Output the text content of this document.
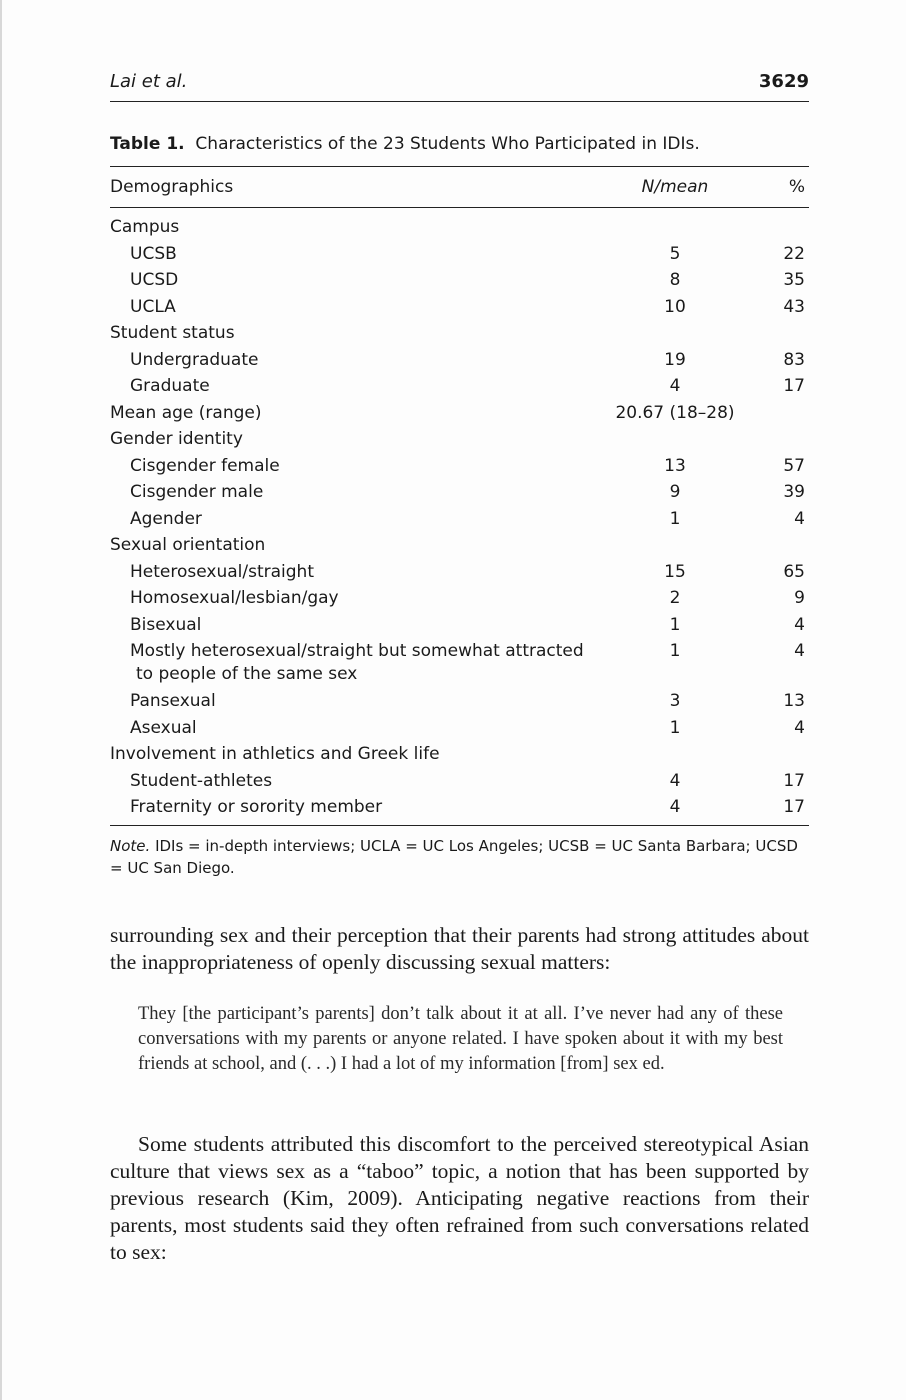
Lai et al.	3629
Table 1. Characteristics of the 23 Students Who Participated in IDIs.
Demographics	N/mean	%

Campus		

UCSB	5	22

UCSD	8	35

UCLA	10	43
Student status		

Undergraduate	19	83

Graduate	4	17
Mean age (range)	20.67 (18–28)	
Gender identity		

Cisgender female	13	57

Cisgender male	9	39

Agender	1	4
Sexual orientation		

Heterosexual/straight	15	65

Homosexual/lesbian/gay	2	9

Bisexual	1	4

Mostly heterosexual/straight but somewhat attracted to people of the same sex	1	4

Pansexual	3	13

Asexual	1	4
Involvement in athletics and Greek life		

Student-athletes	4	17

Fraternity or sorority member	4	17
Note. IDIs = in-depth interviews; UCLA = UC Los Angeles; UCSB = UC Santa Barbara; UCSD = UC San Diego.

surrounding sex and their perception that their parents had strong attitudes about the inappropriateness of openly discussing sexual matters:

They [the participant’s parents] don’t talk about it at all. I’ve never had any of these conversations with my parents or anyone related. I have spoken about it with my best friends at school, and (. . .) I had a lot of my information [from] sex ed.

Some students attributed this discomfort to the perceived stereotypical Asian culture that views sex as a “taboo” topic, a notion that has been supported by previous research (Kim, 2009). Anticipating negative reactions from their parents, most students said they often refrained from such conversations related to sex:
